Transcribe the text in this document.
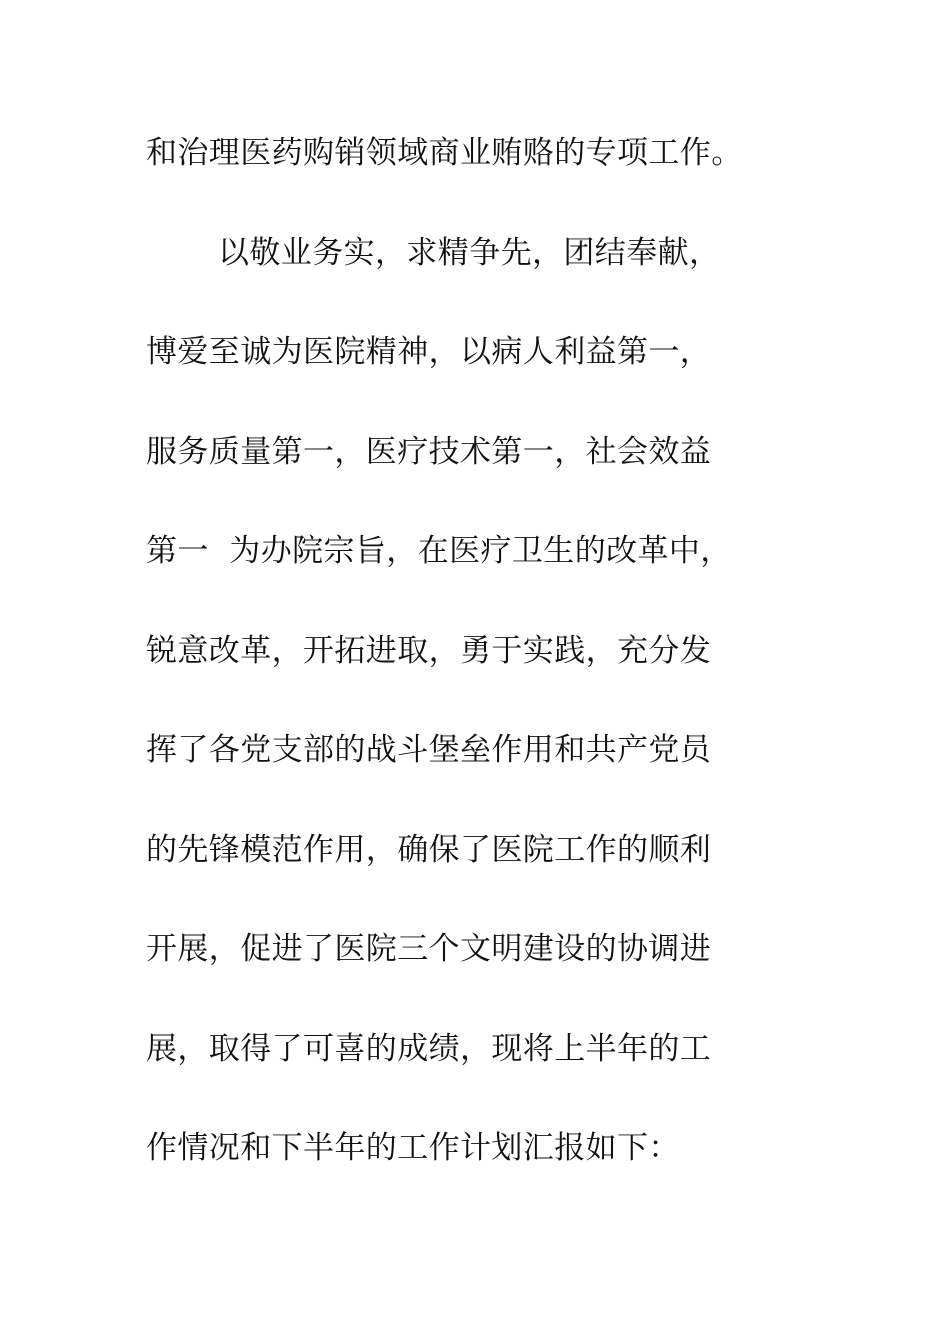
和治理医药购销领域商业贿赂的专项工作。
以敬业务实，求精争先，团结奉献，
博爱至诚为医院精神，以病人利益第一，
服务质量第一，医疗技术第一，社会效益
第一  为办院宗旨，在医疗卫生的改革中，
锐意改革，开拓进取，勇于实践，充分发
挥了各党支部的战斗堡垒作用和共产党员
的先锋模范作用，确保了医院工作的顺利
开展，促进了医院三个文明建设的协调进
展，取得了可喜的成绩，现将上半年的工
作情况和下半年的工作计划汇报如下：
